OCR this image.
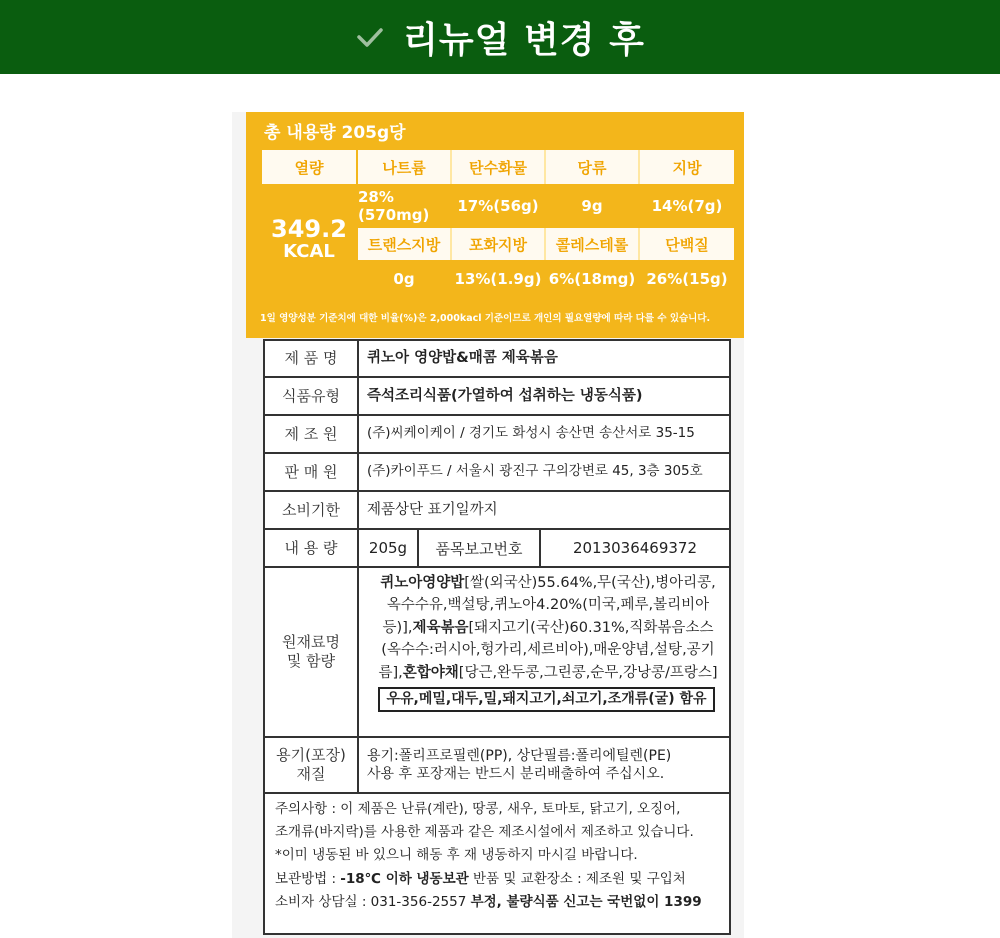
리뉴얼 변경 후
총 내용량 205g당
열량
349.2
KCAL
나트륨	탄수화물	당류	지방
28%(570mg)	17%(56g)	9g	14%(7g)
트랜스지방	포화지방	콜레스테롤	단백질
0g	13%(1.9g) 6%(18mg) 26%(15g)
1일 영양성분 기준치에 대한 비율(%)은 2,000kacl 기준이므로 개인의 필요열량에 따라 다를 수 있습니다.
제 품 명	퀴노아 영양밥&매콤 제육볶음
식품유형	즉석조리식품(가열하여 섭취하는 냉동식품)
제 조 원	(주)씨케이케이 / 경기도 화성시 송산면 송산서로 35-15
판 매 원	(주)카이푸드 / 서울시 광진구 구의강변로 45, 3층 305호
소비기한	제품상단 표기일까지
내 용 량	205g	품목보고번호	2013036469372
원재료명
및 함량

퀴노아영양밥[쌀(외국산)55.64%,무(국산),병아리콩,

옥수수유,백설탕,퀴노아4.20%(미국,페루,볼리비아

등)],제육볶음[돼지고기(국산)60.31%,직화볶음소스

(옥수수:러시아,헝가리,세르비아),매운양념,설탕,공기

름],혼합야채[당근,완두콩,그린콩,순무,강낭콩/프랑스]

우유,메밀,대두,밀,돼지고기,쇠고기,조개류(굴) 함유
용기(포장)
재질

용기:폴리프로필렌(PP), 상단필름:폴리에틸렌(PE)

사용 후 포장재는 반드시 분리배출하여 주십시오.

주의사항 : 이 제품은 난류(계란), 땅콩, 새우, 토마토, 닭고기, 오징어,

조개류(바지락)를 사용한 제품과 같은 제조시설에서 제조하고 있습니다.

*이미 냉동된 바 있으니 해동 후 재 냉동하지 마시길 바랍니다.

보관방법 : -18℃ 이하 냉동보관 반품 및 교환장소 : 제조원 및 구입처

소비자 상담실 : 031-356-2557 부정, 불량식품 신고는 국번없이 1399
